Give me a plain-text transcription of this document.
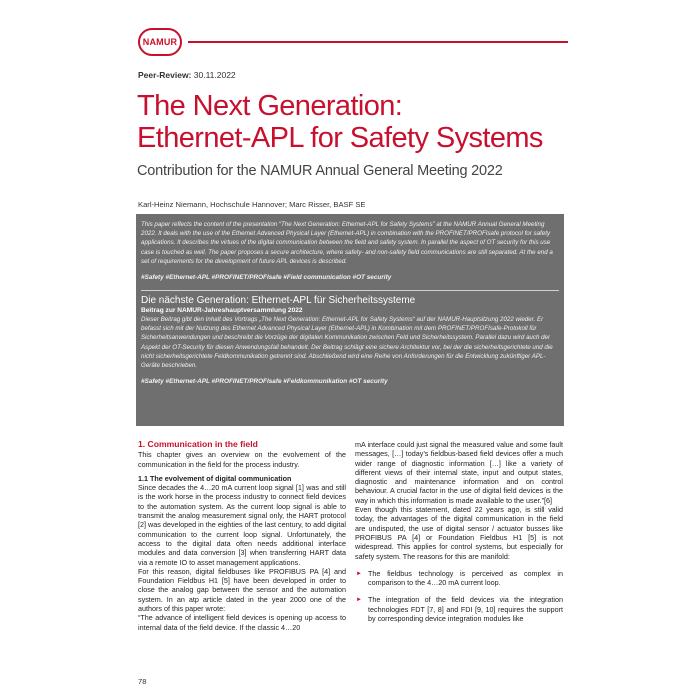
NAMUR
Peer-Review: 30.11.2022
The Next Generation:
Ethernet-APL for Safety Systems
Contribution for the NAMUR Annual General Meeting 2022
Karl-Heinz Niemann, Hochschule Hannover; Marc Risser, BASF SE

This paper reflects the content of the presentation “The Next Generation: Ethernet-APL for Safety Systems” at the NAMUR Annual General Meeting 2022. It deals with the use of the Ethernet Advanced Physical Layer (Ethernet-APL) in combination with the PROFINET/PROFIsafe protocol for safety applications. It describes the virtues of the digital communication between the field and safety system. In parallel the aspect of OT security for this use case is touched as well. The paper proposes a secure architecture, where safety- and non-safety field communications are still separated. At the end a set of requirements for the development of future APL devices is described.

#Safety #Ethernet-APL #PROFINET/PROFIsafe #Field communication #OT security

Die nächste Generation: Ethernet-APL für Sicherheitssysteme
Beitrag zur NAMUR-Jahreshauptversammlung 2022

Dieser Beitrag gibt den Inhalt des Vortrags „The Next Generation: Ethernet-APL for Safety Systems“ auf der NAMUR-Hauptsitzung 2022 wieder. Er befasst sich mit der Nutzung des Ethernet Advanced Physical Layer (Ethernet-APL) in Kombination mit dem PROFINET/PROFIsafe-Protokoll für Sicherheitsanwendungen und beschreibt die Vorzüge der digitalen Kommunikation zwischen Feld und Sicherheitssystem. Parallel dazu wird auch der Aspekt der OT-Security für diesen Anwendungsfall behandelt. Der Beitrag schlägt eine sichere Architektur vor, bei der die sicherheitsgerichtete und die nicht sicherheitsgerichtete Feldkommunikation getrennt sind. Abschließend wird eine Reihe von Anforderungen für die Entwicklung zukünftiger APL-Geräte beschrieben.

#Safety #Ethernet-APL #PROFINET/PROFIsafe #Feldkommunikation #OT security

1. Communication in the field

This chapter gives an overview on the evolvement of the communication in the field for the process industry.

1.1 The evolvement of digital communication

Since decades the 4…20 mA current loop signal [1] was and still is the work horse in the process industry to connect field devices to the automation system. As the current loop signal is able to transmit the analog measurement signal only, the HART protocol [2] was developed in the eighties of the last century, to add digital communication to the current loop signal. Unfortunately, the access to the digital data often needs additional interface modules and data conversion [3] when transferring HART data via a remote IO to asset management applications.

For this reason, digital fieldbuses like PROFIBUS PA [4] and Foundation Fieldbus H1 [5] have been developed in order to close the analog gap between the sensor and the automation system. In an atp article dated in the year 2000 one of the authors of this paper wrote:

“The advance of intelligent field devices is opening up access to internal data of the field device. If the classic 4…20

mA interface could just signal the measured value and some fault messages, […] today’s fieldbus-based field devices offer a much wider range of diagnostic information […] like a variety of different views of their internal state, input and output states, diagnostic and maintenance information and on control behaviour. A crucial factor in the use of digital field devices is the way in which this information is made available to the user.”[6]

Even though this statement, dated 22 years ago, is still valid today, the advantages of the digital communication in the field are undisputed, the use of digital sensor / actuator busses like PROFIBUS PA [4] or Foundation Fieldbus H1 [5] is not widespread. This applies for control systems, but especially for safety system. The reasons for this are manifold:

► The fieldbus technology is perceived as complex in comparison to the 4…20 mA current loop.
► The integration of the field devices via the integration technologies FDT [7, 8] and FDI [9, 10] requires the support by corresponding device integration modules like
78
